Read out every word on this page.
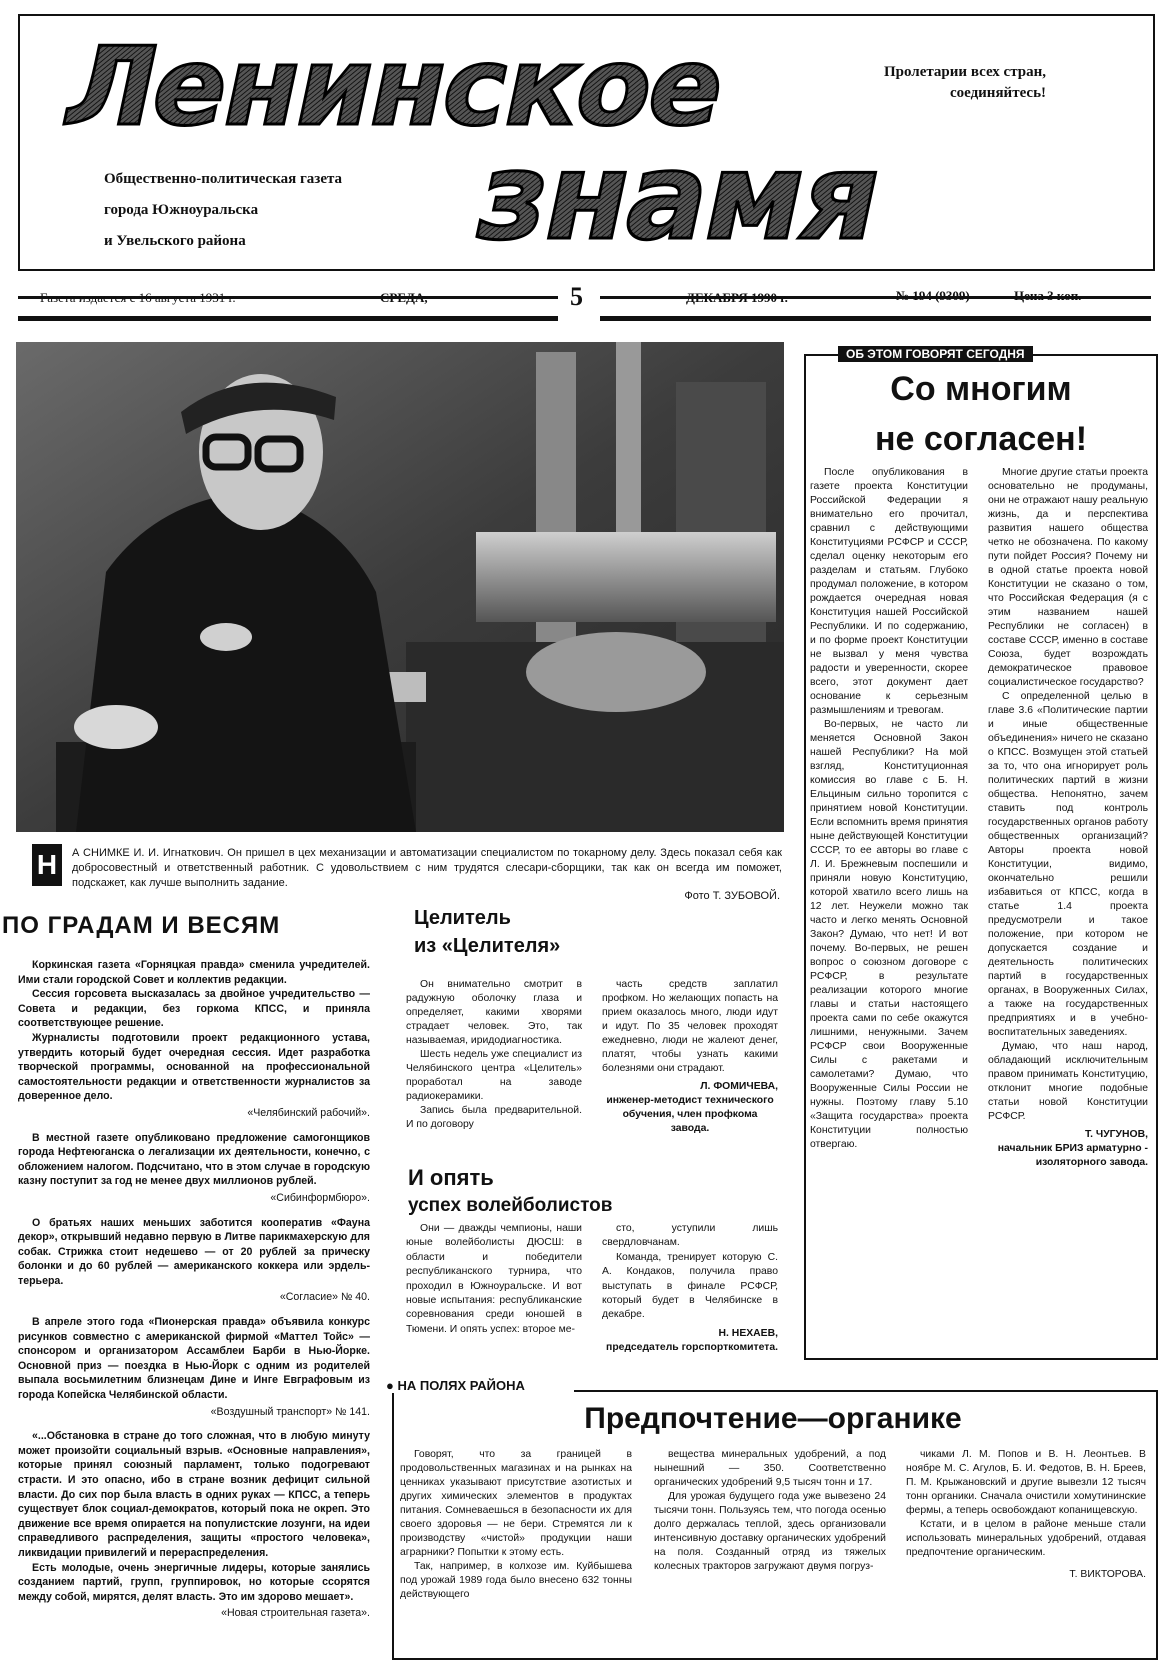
Ленинское
знамя
Пролетарии всех стран,
соединяйтесь!
Общественно-политическая газета
города Южноуральска
и Увельского района
Газета издается с 16 августа 1931 г.	СРЕДА,	5	ДЕКАБРЯ 1990 г.	№ 194 (9309)	Цена 3 коп.
Н	А СНИМКЕ И. И. Игнаткович. Он пришел в цех механизации и автоматизации специалистом по токарному делу. Здесь показал себя как добросовестный и ответственный работник. С удовольствием с ним трудятся слесари-сборщики, так как он всегда им поможет, подскажет, как лучше выполнить задание.
Фото Т. ЗУБОВОЙ.
ОБ ЭТОМ ГОВОРЯТ СЕГОДНЯ
Со многим
не согласен!

После опубликования в газете проекта Конституции Российской Федерации я внимательно его прочитал, сравнил с действующими Конституциями РСФСР и СССР, сделал оценку некоторым его разделам и статьям. Глубоко продумал положение, в котором рождается очередная новая Конституция нашей Российской Республики. И по содержанию, и по форме проект Конституции не вызвал у меня чувства радости и уверенности, скорее всего, этот документ дает основание к серьезным размышлениям и тревогам.

Во-первых, не часто ли меняется Основной Закон нашей Республики? На мой взгляд, Конституционная комиссия во главе с Б. Н. Ельциным сильно торопится с принятием новой Конституции. Если вспомнить время принятия ныне действующей Конституции СССР, то ее авторы во главе с Л. И. Брежневым поспешили и приняли новую Конституцию, которой хватило всего лишь на 12 лет. Неужели можно так часто и легко менять Основной Закон? Думаю, что нет! И вот почему. Во-первых, не решен вопрос о союзном договоре с РСФСР, в результате реализации которого многие главы и статьи настоящего проекта сами по себе окажутся лишними, ненужными. Зачем РСФСР свои Вооруженные Силы с ракетами и самолетами? Думаю, что Вооруженные Силы России не нужны. Поэтому главу 5.10 «Защита государства» проекта Конституции полностью отвергаю.

Многие другие статьи проекта основательно не продуманы, они не отражают нашу реальную жизнь, да и перспектива развития нашего общества четко не обозначена. По какому пути пойдет Россия? Почему ни в одной статье проекта новой Конституции не сказано о том, что Российская Федерация (я с этим названием нашей Республики не согласен) в составе СССР, именно в составе Союза, будет возрождать демократическое правовое социалистическое государство?

С определенной целью в главе 3.6 «Политические партии и иные общественные объединения» ничего не сказано о КПСС. Возмущен этой статьей за то, что она игнорирует роль политических партий в жизни общества. Непонятно, зачем ставить под контроль государственных органов работу общественных организаций? Авторы проекта новой Конституции, видимо, окончательно решили избавиться от КПСС, когда в статье 1.4 проекта предусмотрели и такое положение, при котором не допускается создание и деятельность политических партий в государственных органах, в Вооруженных Силах, а также на государственных предприятиях и в учебно-воспитательных заведениях.

Думаю, что наш народ, обладающий исключительным правом принимать Конституцию, отклонит многие подобные статьи новой Конституции РСФСР.

Т. ЧУГУНОВ,
начальник БРИЗ арматурно - изоляторного завода.
ПО ГРАДАМ И ВЕСЯМ

Коркинская газета «Горняцкая правда» сменила учредителей. Ими стали городской Совет и коллектив редакции.

Сессия горсовета высказалась за двойное учредительство — Совета и редакции, без горкома КПСС, и приняла соответствующее решение.

Журналисты подготовили проект редакционного устава, утвердить который будет очередная сессия. Идет разработка творческой программы, основанной на профессиональной самостоятельности редакции и ответственности журналистов за доверенное дело.

«Челябинский рабочий».

В местной газете опубликовано предложение самогонщиков города Нефтеюганска о легализации их деятельности, конечно, с обложением налогом. Подсчитано, что в этом случае в городскую казну поступит за год не менее двух миллионов рублей.

«Сибинформбюро».

О братьях наших меньших заботится кооператив «Фауна декор», открывший недавно первую в Литве парикмахерскую для собак. Стрижка стоит недешево — от 20 рублей за прическу болонки и до 60 рублей — американского коккера или эрдель-терьера.

«Согласие» № 40.

В апреле этого года «Пионерская правда» объявила конкурс рисунков совместно с американской фирмой «Маттел Тойс» — спонсором и организатором Ассамблеи Барби в Нью-Йорке. Основной приз — поездка в Нью-Йорк с одним из родителей выпала восьмилетним близнецам Дине и Инге Евграфовым из города Копейска Челябинской области.

«Воздушный транспорт» № 141.

«...Обстановка в стране до того сложная, что в любую минуту может произойти социальный взрыв. «Основные направления», которые принял союзный парламент, только подогревают страсти. И это опасно, ибо в стране возник дефицит сильной власти. До сих пор была власть в одних руках — КПСС, а теперь существует блок социал-демократов, который пока не окреп. Это движение все время опирается на популистские лозунги, на идеи справедливого распределения, защиты «простого человека», ликвидации привилегий и перераспределения.

Есть молодые, очень энергичные лидеры, которые занялись созданием партий, групп, группировок, но которые ссорятся между собой, мирятся, делят власть. Это им здорово мешает».

«Новая строительная газета».

Целитель
из «Целителя»

Он внимательно смотрит в радужную оболочку глаза и определяет, какими хворями страдает человек. Это, так называемая, иридодиагностика.

Шесть недель уже специалист из Челябинского центра «Целитель» проработал на заводе радиокерамики.

Запись была предварительной. И по договору

часть средств заплатил профком. Но желающих попасть на прием оказалось много, люди идут и идут. По 35 человек проходят ежедневно, люди не жалеют денег, платят, чтобы узнать какими болезнями они страдают.

Л. ФОМИЧЕВА,
инженер-методист технического обучения, член профкома завода.
И опять
успех волейболистов

Они — дважды чемпионы, наши юные волейболисты ДЮСШ: в области и победители республиканского турнира, что проходил в Южноуральске. И вот новые испытания: республиканские соревнования среди юношей в Тюмени. И опять успех: второе ме-

сто, уступили лишь свердловчанам.

Команда, тренирует которую С. А. Кондаков, получила право выступать в финале РСФСР, который будет в Челябинске в декабре.

Н. НЕХАЕВ,
председатель горспорткомитета.
● НА ПОЛЯХ РАЙОНА
Предпочтение—органике

Говорят, что за границей в продовольственных магазинах и на рынках на ценниках указывают присутствие азотистых и других химических элементов в продуктах питания. Сомневаешься в безопасности их для своего здоровья — не бери. Стремятся ли к производству «чистой» продукции наши аграрники? Попытки к этому есть.

Так, например, в колхозе им. Куйбышева под урожай 1989 года было внесено 632 тонны действующего

вещества минеральных удобрений, а под нынешний — 350. Соответственно органических удобрений 9,5 тысяч тонн и 17.

Для урожая будущего года уже вывезено 24 тысячи тонн. Пользуясь тем, что погода осенью долго держалась теплой, здесь организовали интенсивную доставку органических удобрений на поля. Созданный отряд из тяжелых колесных тракторов загружают двумя погруз-

чиками Л. М. Попов и В. Н. Леонтьев. В ноябре М. С. Агулов, Б. И. Федотов, В. Н. Бреев, П. М. Крыжановский и другие вывезли 12 тысяч тонн органики. Сначала очистили хомутининские фермы, а теперь освобождают копанищевскую.

Кстати, и в целом в районе меньше стали использовать минеральных удобрений, отдавая предпочтение органическим.

Т. ВИКТОРОВА.
